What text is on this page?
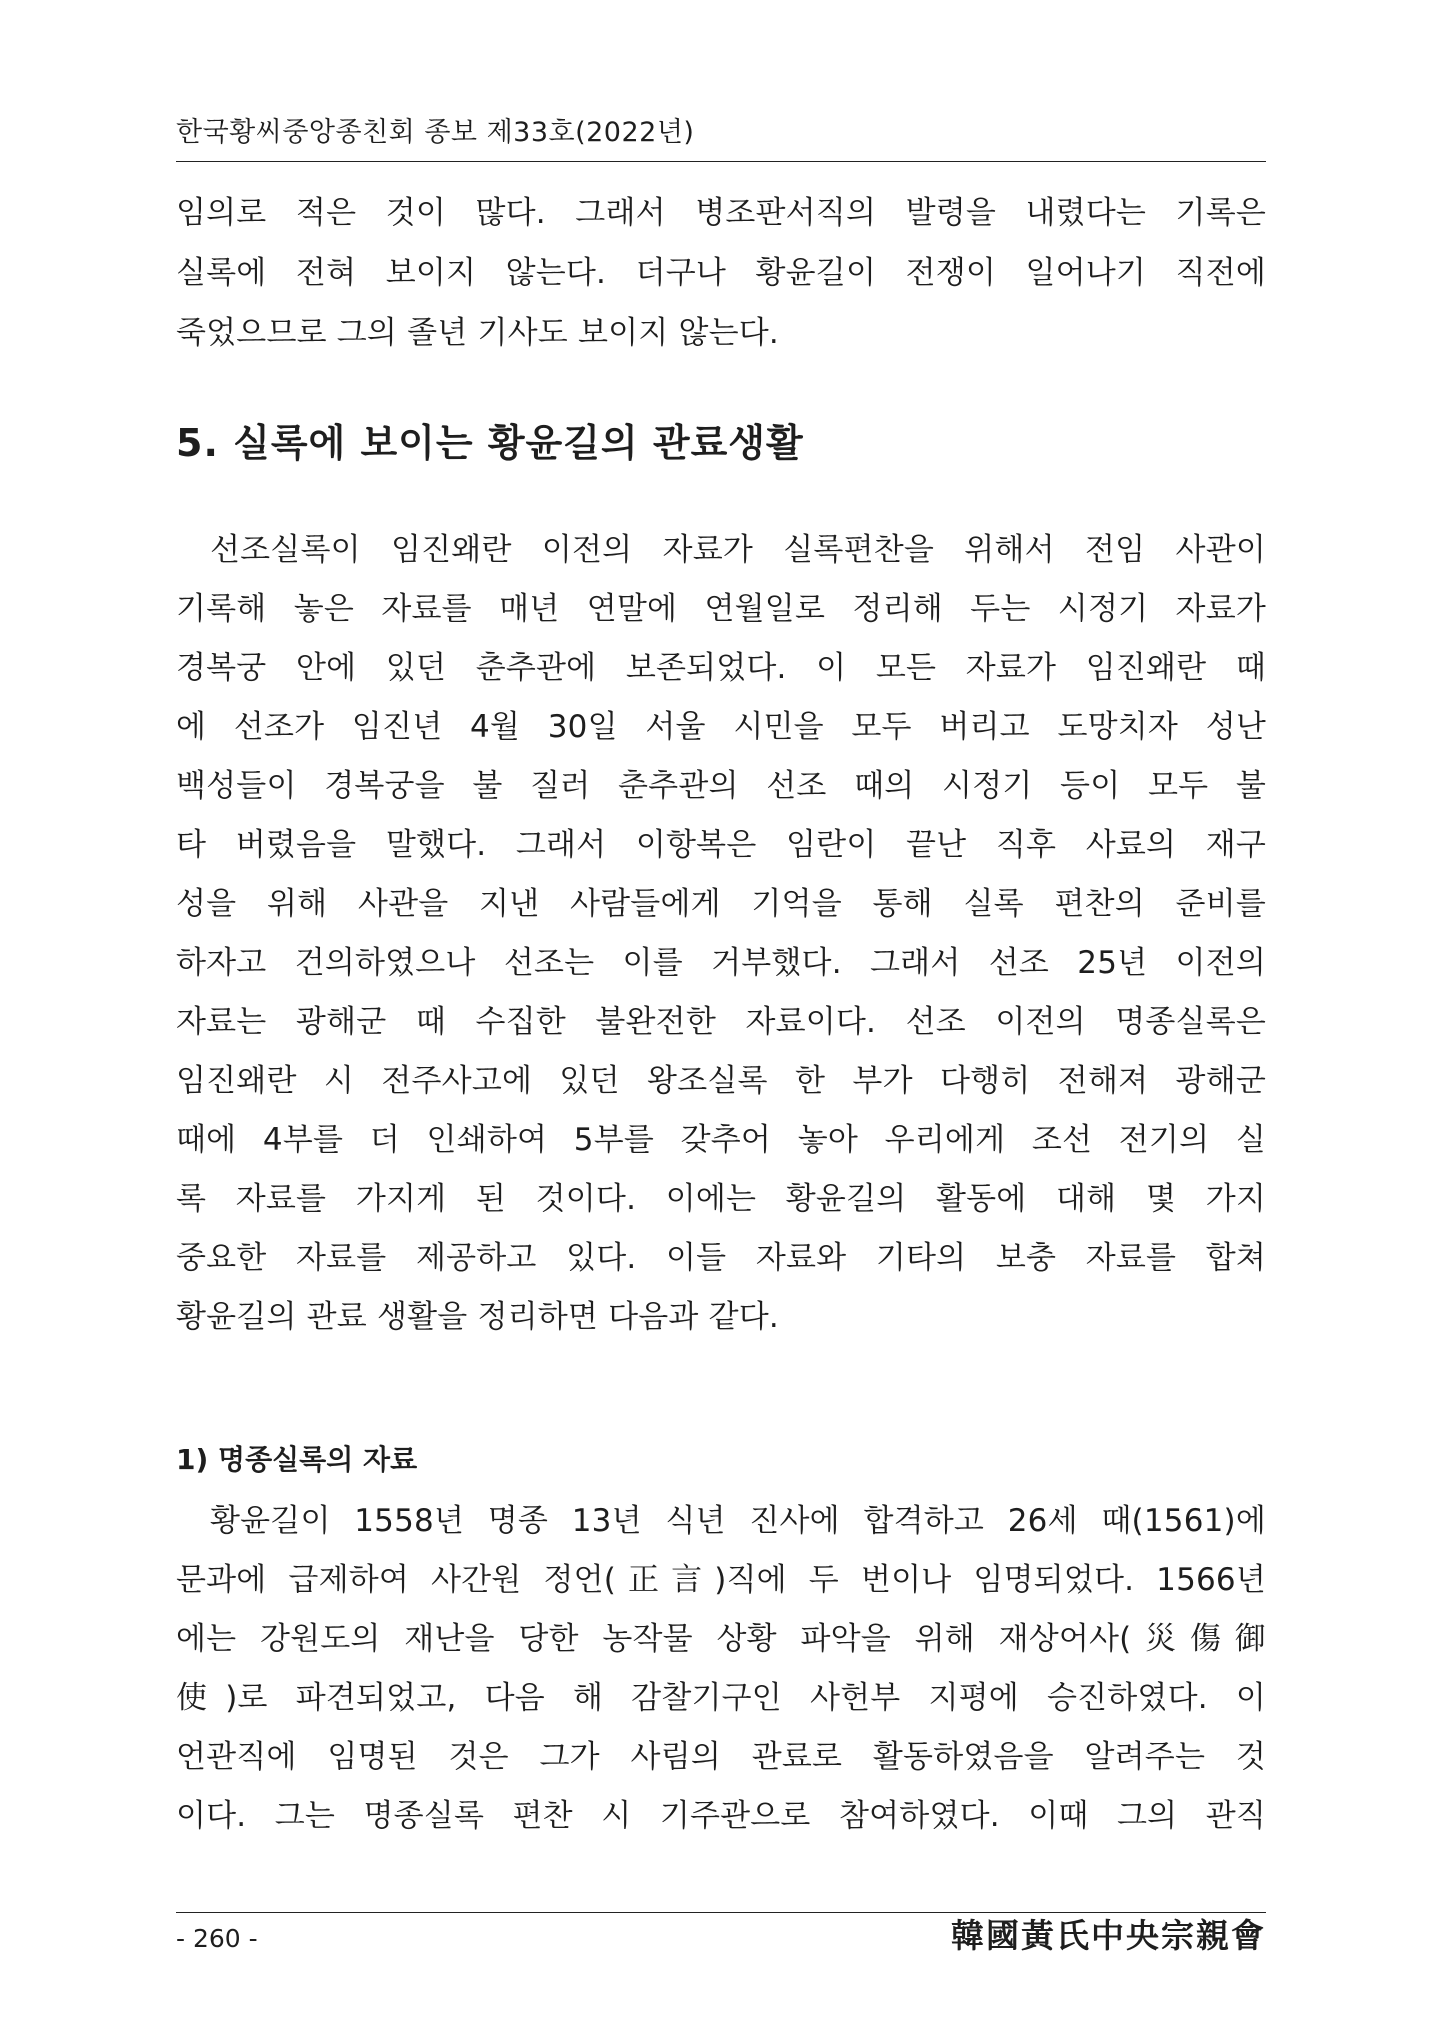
한국황씨중앙종친회 종보 제33호(2022년)
임의로 적은 것이 많다. 그래서 병조판서직의 발령을 내렸다는 기록은
실록에 전혀 보이지 않는다. 더구나 황윤길이 전쟁이 일어나기 직전에
죽었으므로 그의 졸년 기사도 보이지 않는다.
5. 실록에 보이는 황윤길의 관료생활
선조실록이 임진왜란 이전의 자료가 실록편찬을 위해서 전임 사관이
기록해 놓은 자료를 매년 연말에 연월일로 정리해 두는 시정기 자료가
경복궁 안에 있던 춘추관에 보존되었다. 이 모든 자료가 임진왜란 때
에 선조가 임진년 4월 30일 서울 시민을 모두 버리고 도망치자 성난
백성들이 경복궁을 불 질러 춘추관의 선조 때의 시정기 등이 모두 불
타 버렸음을 말했다. 그래서 이항복은 임란이 끝난 직후 사료의 재구
성을 위해 사관을 지낸 사람들에게 기억을 통해 실록 편찬의 준비를
하자고 건의하였으나 선조는 이를 거부했다. 그래서 선조 25년 이전의
자료는 광해군 때 수집한 불완전한 자료이다. 선조 이전의 명종실록은
임진왜란 시 전주사고에 있던 왕조실록 한 부가 다행히 전해져 광해군
때에 4부를 더 인쇄하여 5부를 갖추어 놓아 우리에게 조선 전기의 실
록 자료를 가지게 된 것이다. 이에는 황윤길의 활동에 대해 몇 가지
중요한 자료를 제공하고 있다. 이들 자료와 기타의 보충 자료를 합쳐
황윤길의 관료 생활을 정리하면 다음과 같다.
1) 명종실록의 자료
황윤길이 1558년 명종 13년 식년 진사에 합격하고 26세 때(1561)에
문과에 급제하여 사간원 정언(正言)직에 두 번이나 임명되었다. 1566년
에는 강원도의 재난을 당한 농작물 상황 파악을 위해 재상어사(災傷御
使)로 파견되었고, 다음 해 감찰기구인 사헌부 지평에 승진하였다. 이
언관직에 임명된 것은 그가 사림의 관료로 활동하였음을 알려주는 것
이다. 그는 명종실록 편찬 시 기주관으로 참여하였다. 이때 그의 관직
- 260 -	韓國黃氏中央宗親會
